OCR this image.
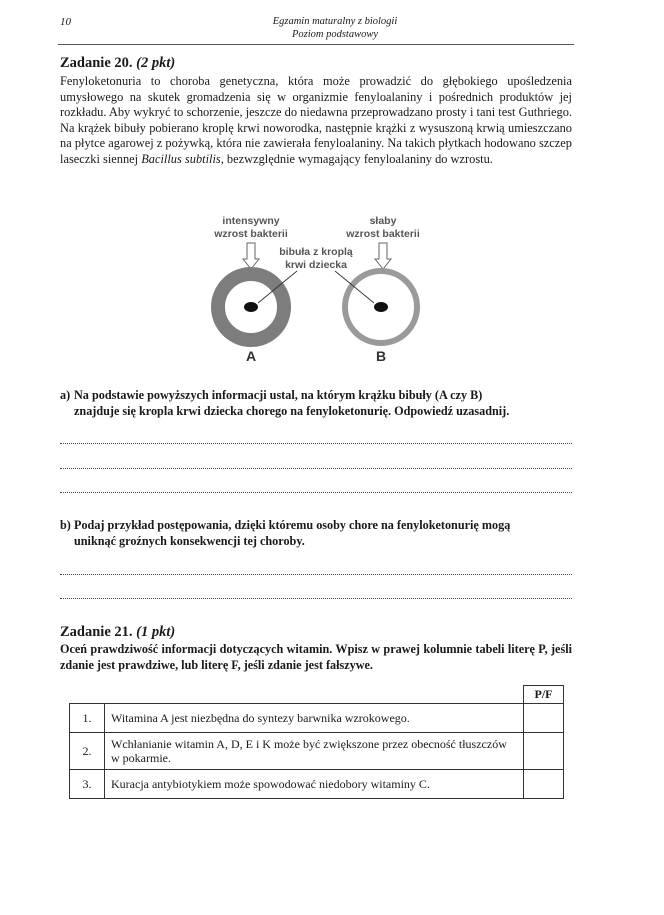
10	Egzamin maturalny z biologii
Poziom podstawowy
Zadanie 20. (2 pkt)
Fenyloketonuria to choroba genetyczna, która może prowadzić do głębokiego upośledzenia umysłowego na skutek gromadzenia się w organizmie fenyloalaniny i pośrednich produktów jej rozkładu. Aby wykryć to schorzenie, jeszcze do niedawna przeprowadzano prosty i tani test Guthriego. Na krążek bibuły pobierano kroplę krwi noworodka, następnie krążki z wysuszoną krwią umieszczano na płytce agarowej z pożywką, która nie zawierała fenyloalaniny. Na takich płytkach hodowano szczep laseczki siennej Bacillus subtilis, bezwzględnie wymagający fenyloalaniny do wzrostu.
intensywny
wzrost bakterii
słaby
wzrost bakterii
bibuła z kroplą
krwi dziecka
A	B
a) Na podstawie powyższych informacji ustal, na którym krążku bibuły (A czy B)
znajduje się kropla krwi dziecka chorego na fenyloketonurię. Odpowiedź uzasadnij.
b) Podaj przykład postępowania, dzięki któremu osoby chore na fenyloketonurię mogą
uniknąć groźnych konsekwencji tej choroby.
Zadanie 21. (1 pkt)
Oceń prawdziwość informacji dotyczących witamin. Wpisz w prawej kolumnie tabeli literę P, jeśli zdanie jest prawdziwe, lub literę F, jeśli zdanie jest fałszywe.
		P/F
1.	Witamina A jest niezbędna do syntezy barwnika wzrokowego.	
2.	Wchłanianie witamin A, D, E i K może być zwiększone przez obecność tłuszczów w pokarmie.	
3.	Kuracja antybiotykiem może spowodować niedobory witaminy C.	
